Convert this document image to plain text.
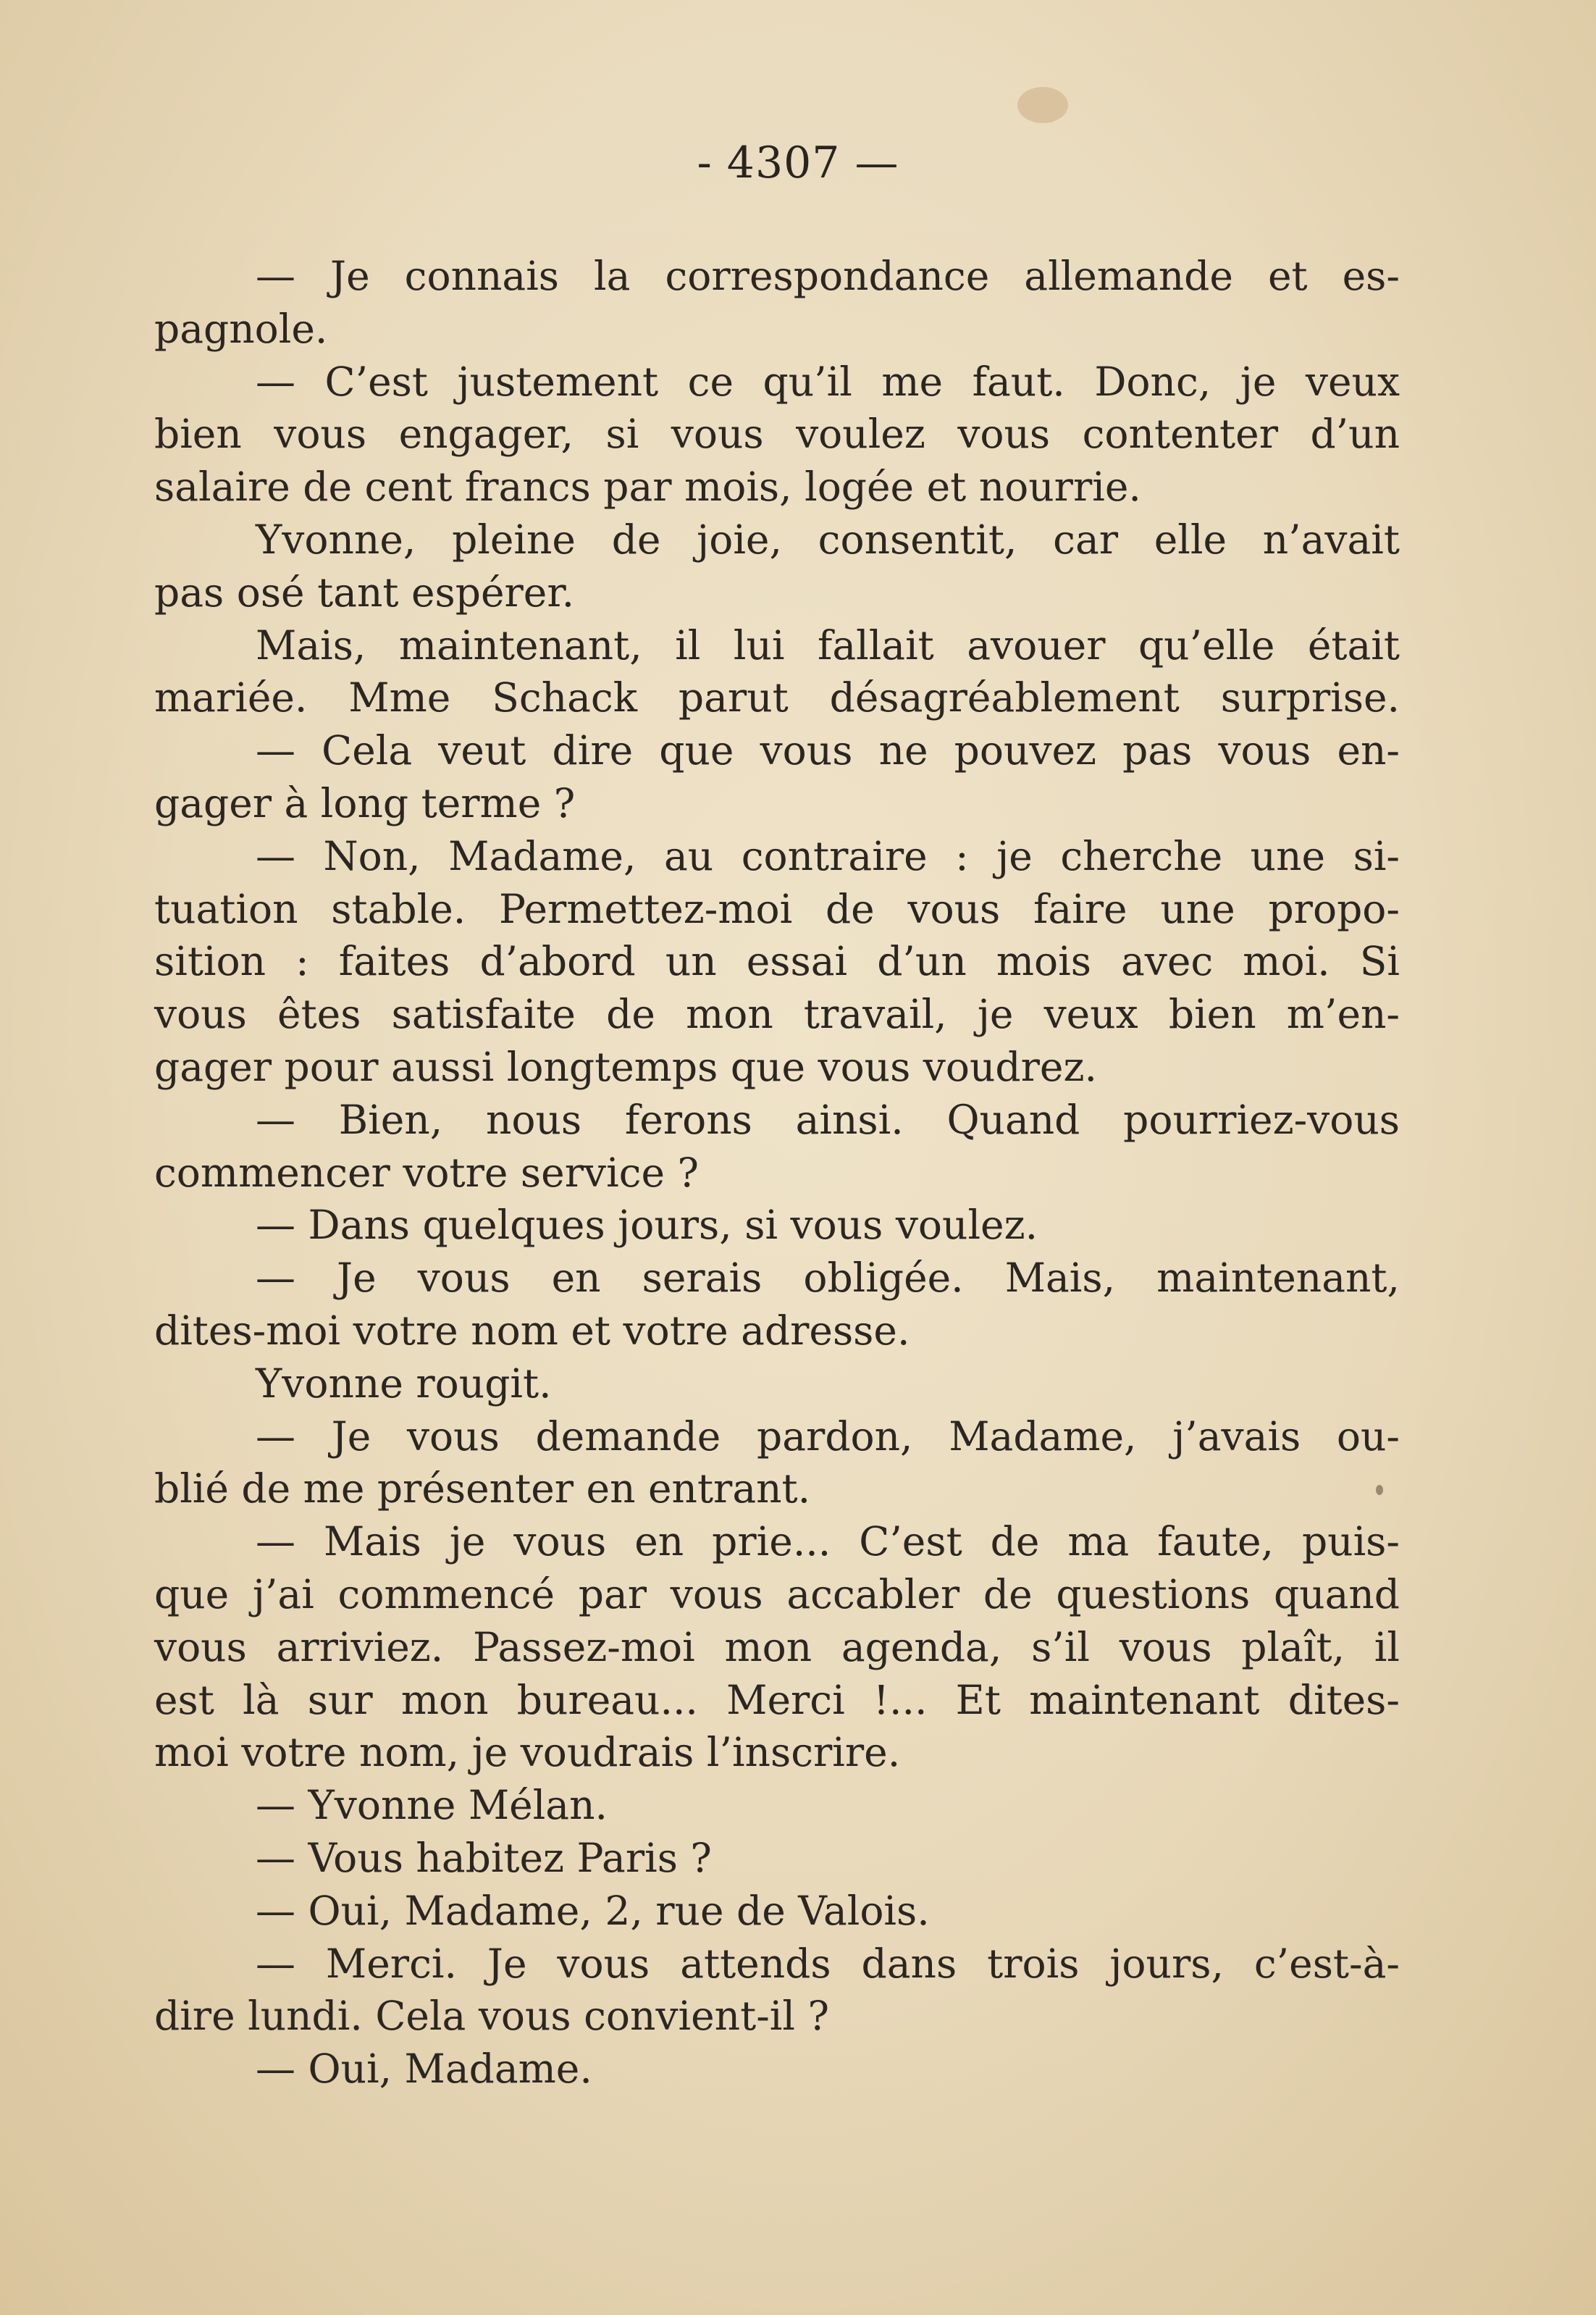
- 4307 —
— Je connais la correspondance allemande et es-
pagnole.
— C’est justement ce qu’il me faut. Donc, je veux
bien vous engager, si vous voulez vous contenter d’un
salaire de cent francs par mois, logée et nourrie.
Yvonne, pleine de joie, consentit, car elle n’avait
pas osé tant espérer.
Mais, maintenant, il lui fallait avouer qu’elle était
mariée. Mme Schack parut désagréablement surprise.
— Cela veut dire que vous ne pouvez pas vous en-
gager à long terme ?
— Non, Madame, au contraire : je cherche une si-
tuation stable. Permettez-moi de vous faire une propo-
sition : faites d’abord un essai d’un mois avec moi. Si
vous êtes satisfaite de mon travail, je veux bien m’en-
gager pour aussi longtemps que vous voudrez.
— Bien, nous ferons ainsi. Quand pourriez-vous
commencer votre service ?
— Dans quelques jours, si vous voulez.
— Je vous en serais obligée. Mais, maintenant,
dites-moi votre nom et votre adresse.
Yvonne rougit.
— Je vous demande pardon, Madame, j’avais ou-
blié de me présenter en entrant.
— Mais je vous en prie... C’est de ma faute, puis-
que j’ai commencé par vous accabler de questions quand
vous arriviez. Passez-moi mon agenda, s’il vous plaît, il
est là sur mon bureau... Merci !... Et maintenant dites-
moi votre nom, je voudrais l’inscrire.
— Yvonne Mélan.
— Vous habitez Paris ?
— Oui, Madame, 2, rue de Valois.
— Merci. Je vous attends dans trois jours, c’est-à-
dire lundi. Cela vous convient-il ?
— Oui, Madame.
